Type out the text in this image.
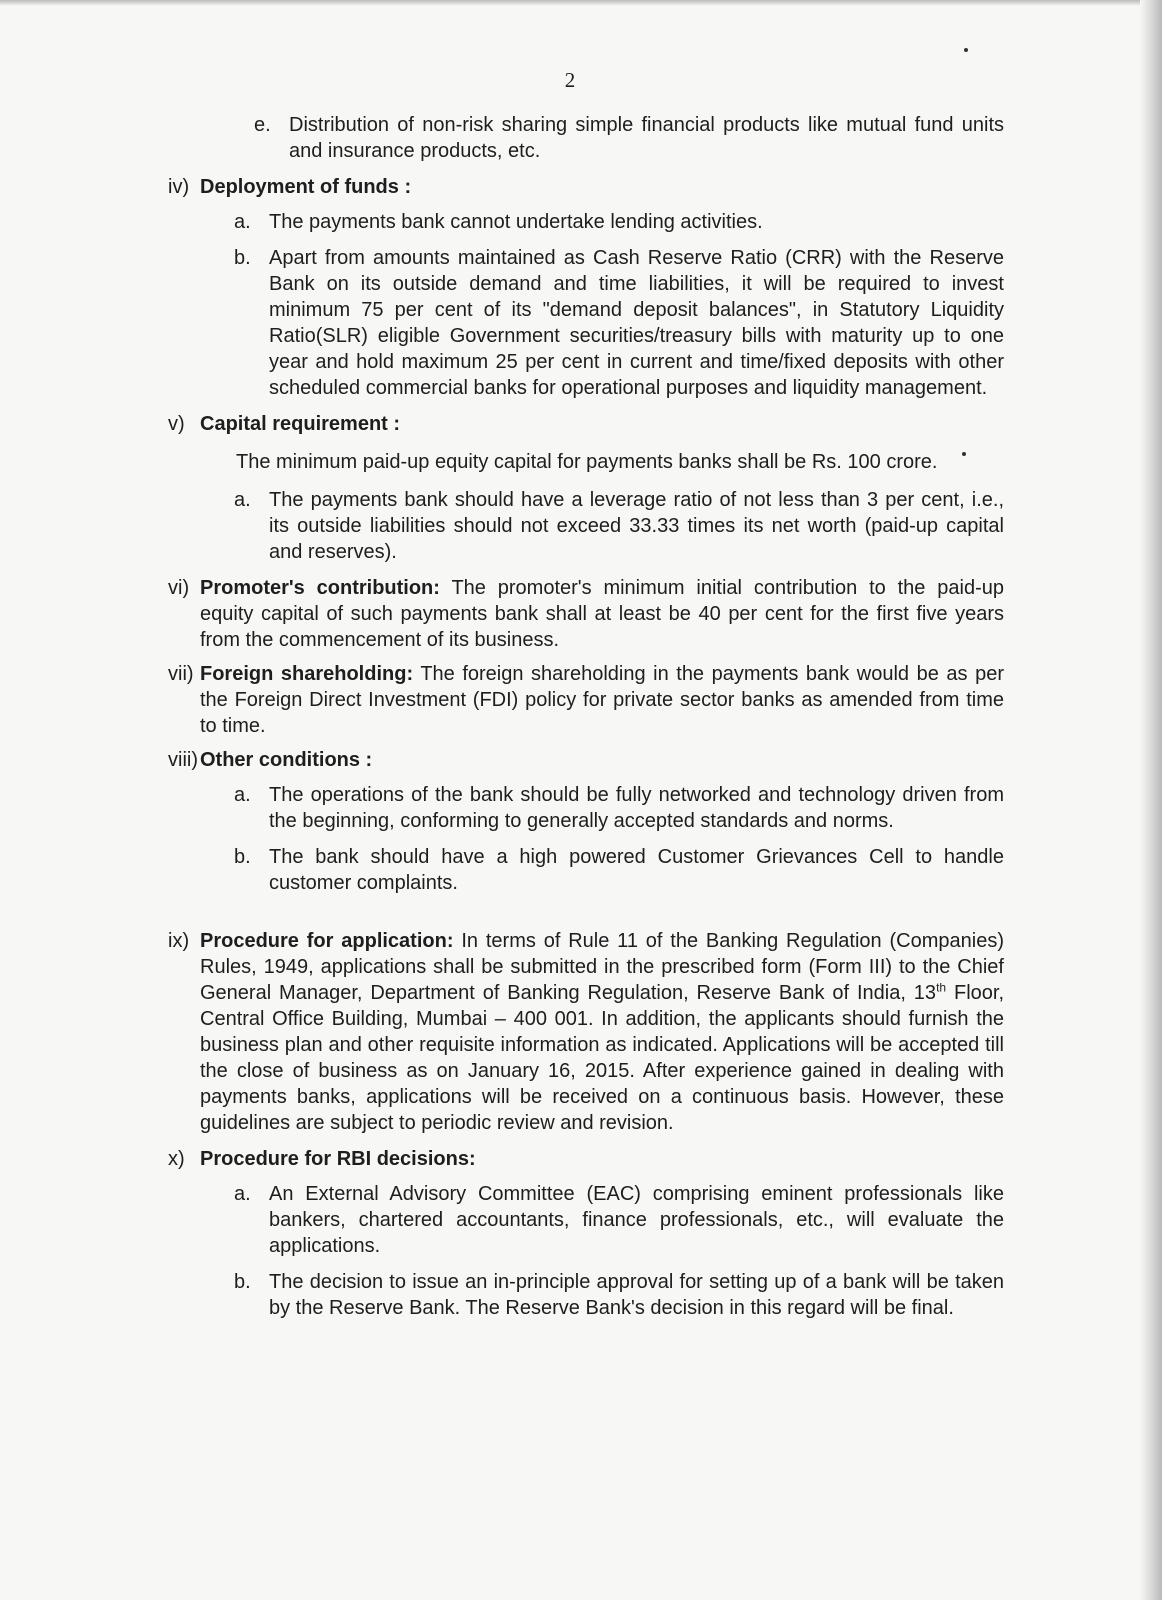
2
e. Distribution of non-risk sharing simple financial products like mutual fund units and insurance products, etc.
iv) Deployment of funds :
a. The payments bank cannot undertake lending activities.
b. Apart from amounts maintained as Cash Reserve Ratio (CRR) with the Reserve Bank on its outside demand and time liabilities, it will be required to invest minimum 75 per cent of its "demand deposit balances", in Statutory Liquidity Ratio(SLR) eligible Government securities/treasury bills with maturity up to one year and hold maximum 25 per cent in current and time/fixed deposits with other scheduled commercial banks for operational purposes and liquidity management.
v) Capital requirement :
The minimum paid-up equity capital for payments banks shall be Rs. 100 crore.
a. The payments bank should have a leverage ratio of not less than 3 per cent, i.e., its outside liabilities should not exceed 33.33 times its net worth (paid-up capital and reserves).
vi) Promoter's contribution: The promoter's minimum initial contribution to the paid-up equity capital of such payments bank shall at least be 40 per cent for the first five years from the commencement of its business.
vii) Foreign shareholding: The foreign shareholding in the payments bank would be as per the Foreign Direct Investment (FDI) policy for private sector banks as amended from time to time.
viii) Other conditions :
a. The operations of the bank should be fully networked and technology driven from the beginning, conforming to generally accepted standards and norms.
b. The bank should have a high powered Customer Grievances Cell to handle customer complaints.
ix) Procedure for application: In terms of Rule 11 of the Banking Regulation (Companies) Rules, 1949, applications shall be submitted in the prescribed form (Form III) to the Chief General Manager, Department of Banking Regulation, Reserve Bank of India, 13th Floor, Central Office Building, Mumbai – 400 001. In addition, the applicants should furnish the business plan and other requisite information as indicated. Applications will be accepted till the close of business as on January 16, 2015. After experience gained in dealing with payments banks, applications will be received on a continuous basis. However, these guidelines are subject to periodic review and revision.
x) Procedure for RBI decisions:
a. An External Advisory Committee (EAC) comprising eminent professionals like bankers, chartered accountants, finance professionals, etc., will evaluate the applications.
b. The decision to issue an in-principle approval for setting up of a bank will be taken by the Reserve Bank. The Reserve Bank's decision in this regard will be final.
